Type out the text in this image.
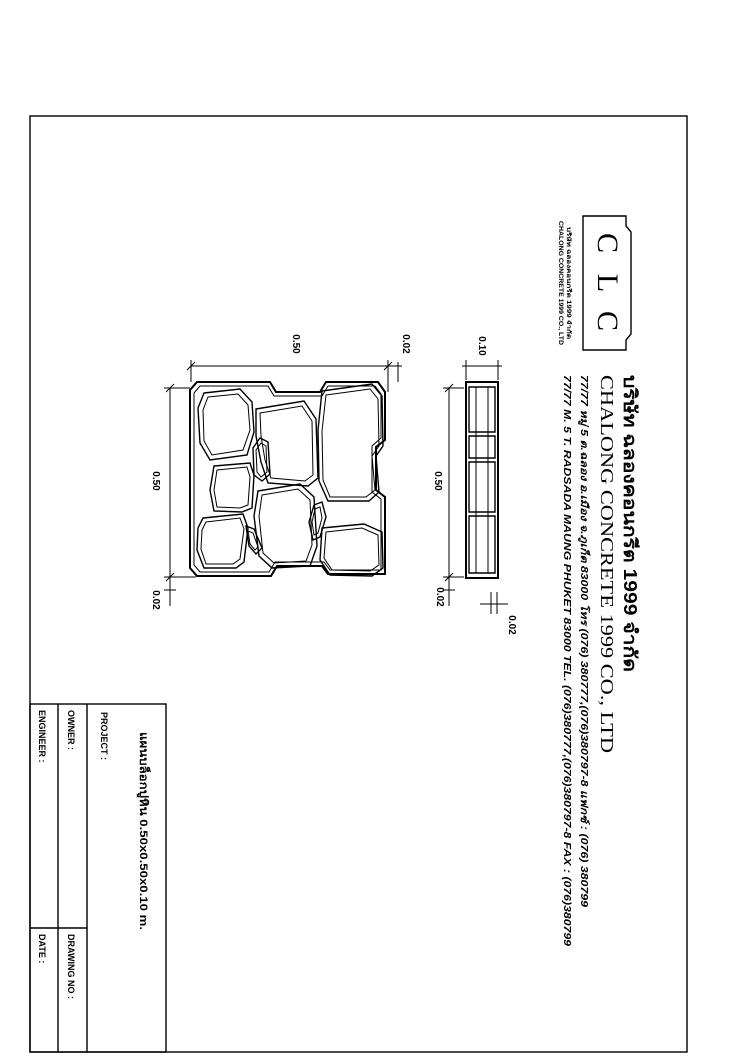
C
L
C
บริษัท ฉลองคอนกรีต 1999 จำกัด
CHALONG CONCRETE 1999 CO., LTD
บริษัท ฉลองคอนกรีต 1999 จำกัด
CHALONG CONCRETE 1999 CO., LTD
77/77 หมู่ 5 ต.ฉลอง อ.เมือง จ.ภูเก็ต 83000 โทร (076) 380777,(076)380797-8 แฟกซ์ : (076) 380799
77/77 M. 5 T. RADSADA MAUNG PHUKET 83000 TEL. (076)380777,(076)380797-8 FAX : (076)380799
0.50	0.02
0.50
0.02
0.10
0.50
0.02
0.02
แผนบล็อกปูหิน 0.50x0.50x0.10 m.
PROJECT :
OWNER :
ENGINEER :
DRAWING NO :
DATE :
